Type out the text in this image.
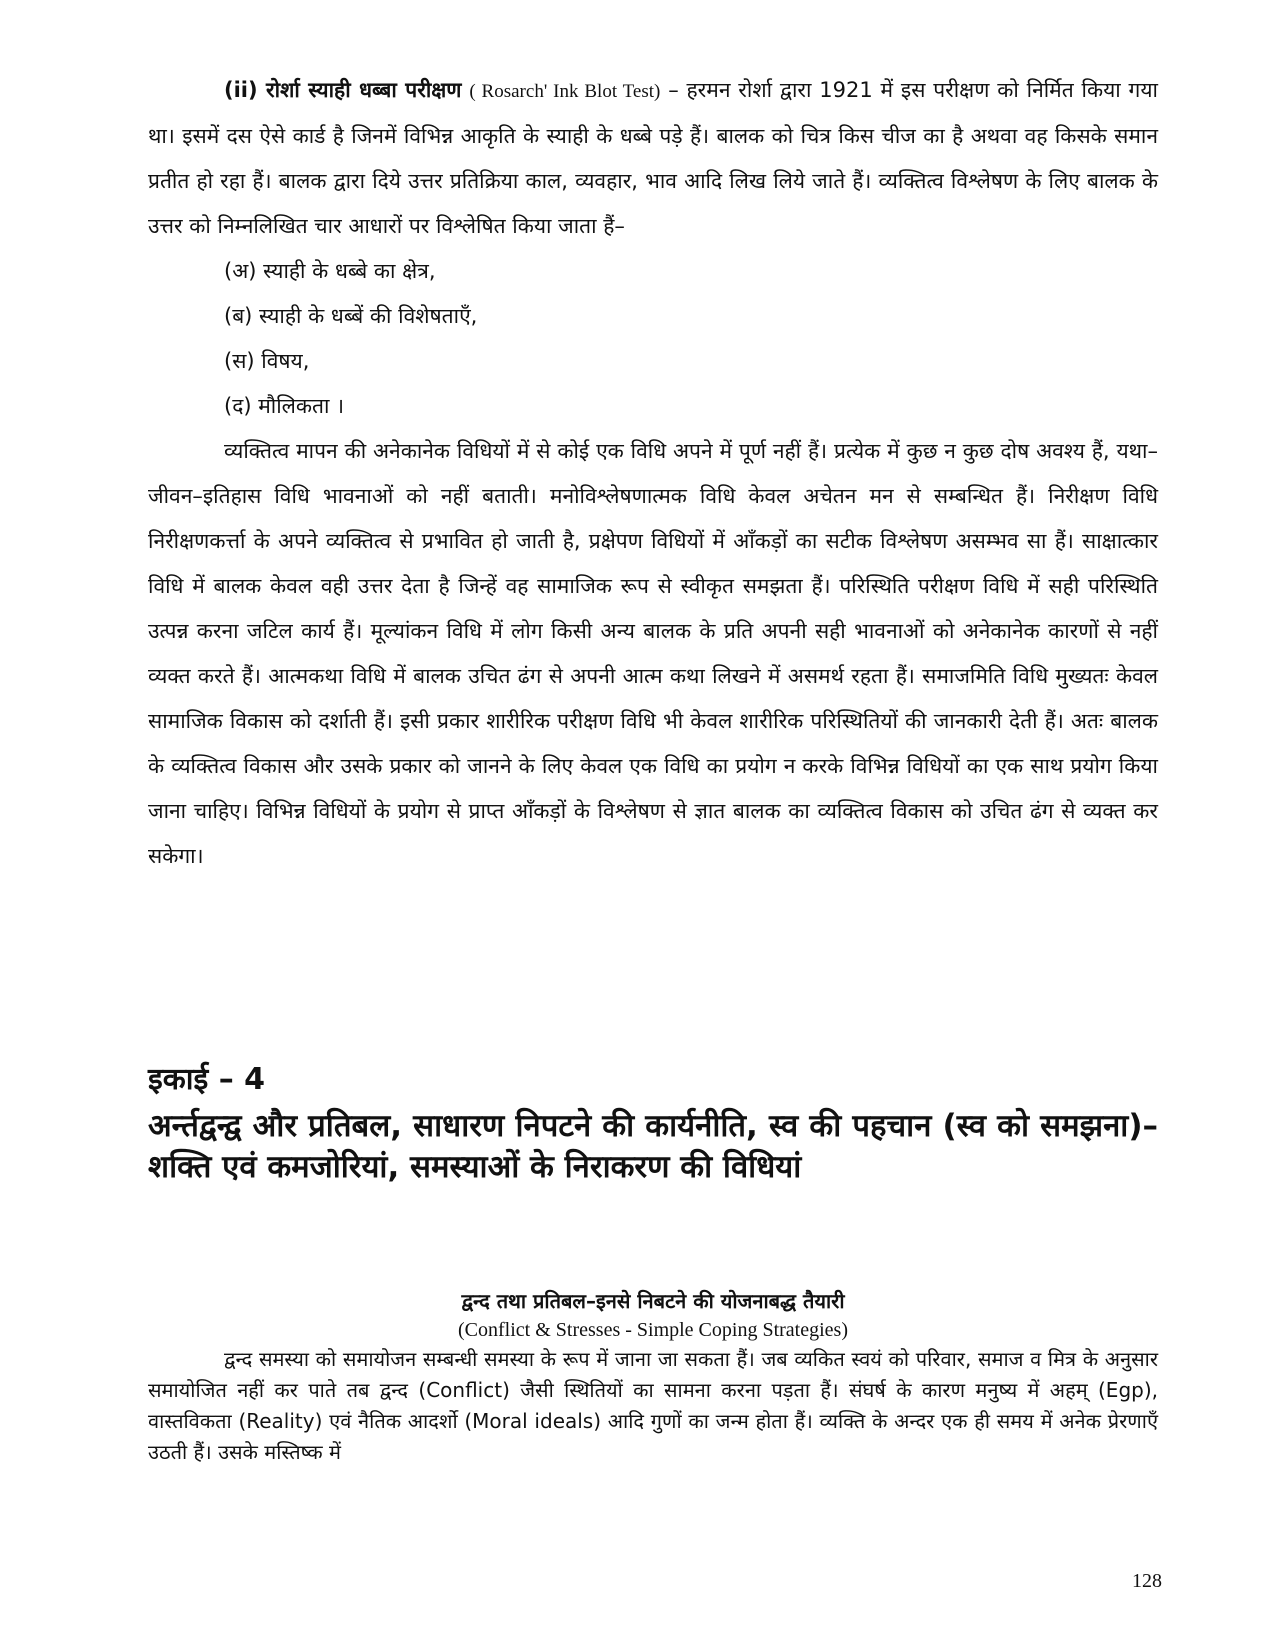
(ii) रोर्शा स्याही धब्बा परीक्षण ( Rosarch' Ink Blot Test) – हरमन रोर्शा द्वारा 1921 में इस परीक्षण को निर्मित किया गया था। इसमें दस ऐसे कार्ड है जिनमें विभिन्न आकृति के स्याही के धब्बे पड़े हैं। बालक को चित्र किस चीज का है अथवा वह किसके समान प्रतीत हो रहा हैं। बालक द्वारा दिये उत्तर प्रतिक्रिया काल, व्यवहार, भाव आदि लिख लिये जाते हैं। व्यक्तित्व विश्लेषण के लिए बालक के उत्तर को निम्नलिखित चार आधारों पर विश्लेषित किया जाता हैं–

(अ) स्याही के धब्बे का क्षेत्र,
(ब) स्याही के धब्बें की विशेषताएँ,
(स) विषय,
(द) मौलिकता ।

व्यक्तित्व मापन की अनेकानेक विधियों में से कोई एक विधि अपने में पूर्ण नहीं हैं। प्रत्येक में कुछ न कुछ दोष अवश्य हैं, यथा– जीवन–इतिहास विधि भावनाओं को नहीं बताती। मनोविश्लेषणात्मक विधि केवल अचेतन मन से सम्बन्धित हैं। निरीक्षण विधि निरीक्षणकर्त्ता के अपने व्यक्तित्व से प्रभावित हो जाती है, प्रक्षेपण विधियों में आँकड़ों का सटीक विश्लेषण असम्भव सा हैं। साक्षात्कार विधि में बालक केवल वही उत्तर देता है जिन्हें वह सामाजिक रूप से स्वीकृत समझता हैं। परिस्थिति परीक्षण विधि में सही परिस्थिति उत्पन्न करना जटिल कार्य हैं। मूल्यांकन विधि में लोग किसी अन्य बालक के प्रति अपनी सही भावनाओं को अनेकानेक कारणों से नहीं व्यक्त करते हैं। आत्मकथा विधि में बालक उचित ढंग से अपनी आत्म कथा लिखने में असमर्थ रहता हैं। समाजमिति विधि मुख्यतः केवल सामाजिक विकास को दर्शाती हैं। इसी प्रकार शारीरिक परीक्षण विधि भी केवल शारीरिक परिस्थितियों की जानकारी देती हैं। अतः बालक के व्यक्तित्व विकास और उसके प्रकार को जानने के लिए केवल एक विधि का प्रयोग न करके विभिन्न विधियों का एक साथ प्रयोग किया जाना चाहिए। विभिन्न विधियों के प्रयोग से प्राप्त आँकड़ों के विश्लेषण से ज्ञात बालक का व्यक्तित्व विकास को उचित ढंग से व्यक्त कर सकेगा।

इकाई – 4

अर्न्तद्वन्द्व और प्रतिबल, साधारण निपटने की कार्यनीति, स्व की पहचान (स्व को समझना)– शक्ति एवं कमजोरियां, समस्याओं के निराकरण की विधियां

द्वन्द तथा प्रतिबल–इनसे निबटने की योजनाबद्ध तैयारी

(Conflict & Stresses - Simple Coping Strategies)

द्वन्द समस्या को समायोजन सम्बन्धी समस्या के रूप में जाना जा सकता हैं। जब व्यकित स्वयं को परिवार, समाज व मित्र के अनुसार समायोजित नहीं कर पाते तब द्वन्द (Conflict) जैसी स्थितियों का सामना करना पड़ता हैं। संघर्ष के कारण मनुष्य में अहम् (Egp), वास्तविकता (Reality) एवं नैतिक आदर्शो (Moral ideals) आदि गुणों का जन्म होता हैं। व्यक्ति के अन्दर एक ही समय में अनेक प्रेरणाएँ उठती हैं। उसके मस्तिष्क में

128
